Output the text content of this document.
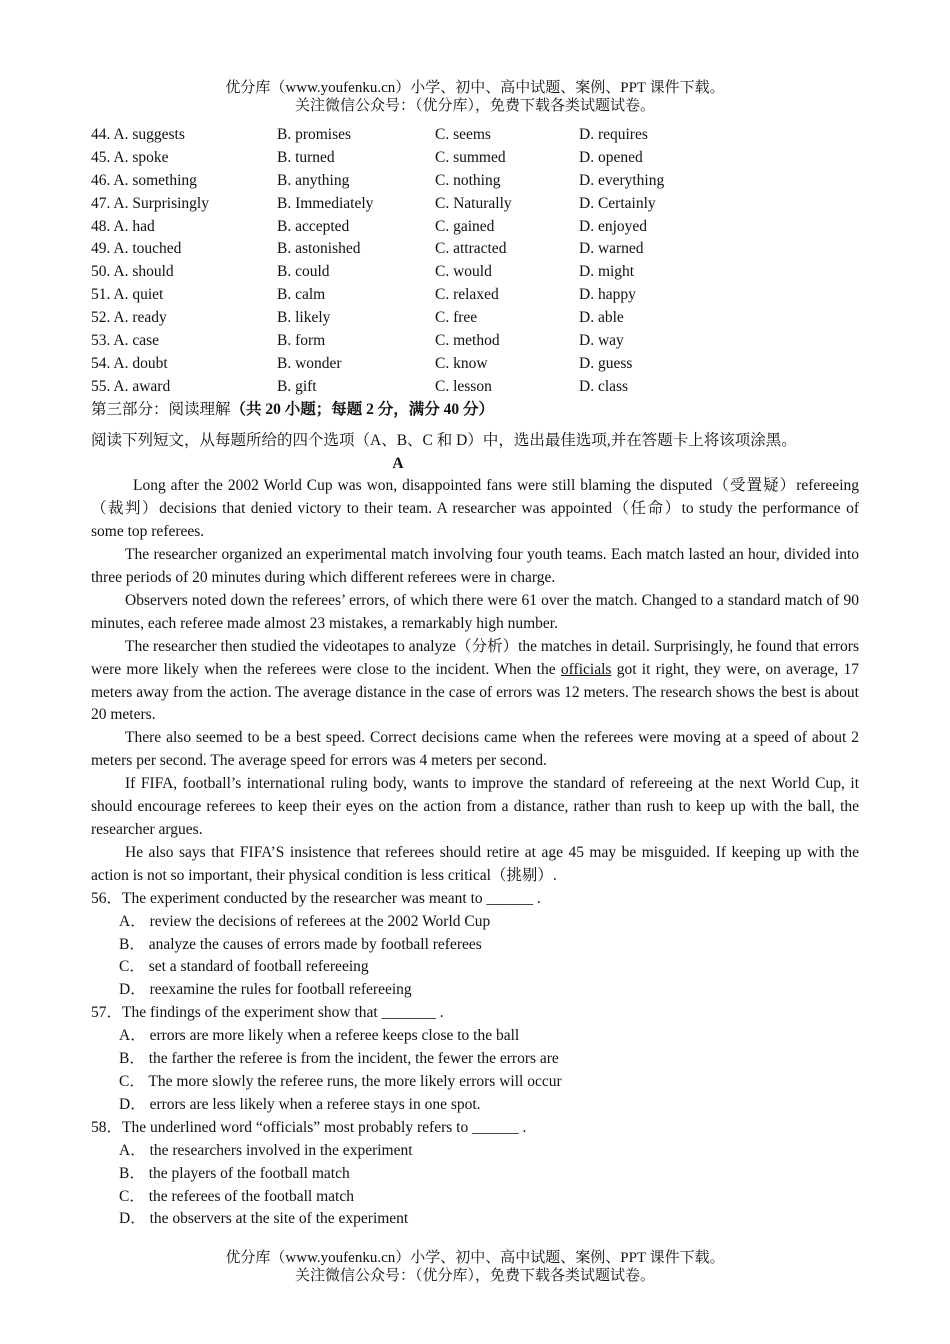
优分库（www.youfenku.cn）小学、初中、高中试题、案例、PPT 课件下载。
关注微信公众号：（优分库），免费下载各类试题试卷。
44. A. suggests	B. promises	C. seems	D. requires
45. A. spoke	B. turned	C. summed	D. opened
46. A. something	B. anything	C. nothing	D. everything
47. A. Surprisingly	B. Immediately	C. Naturally	D. Certainly
48. A. had	B. accepted	C. gained	D. enjoyed
49. A. touched	B. astonished	C. attracted	D. warned
50. A. should	B. could	C. would	D. might
51. A. quiet	B. calm	C. relaxed	D. happy
52. A. ready	B. likely	C. free	D. able
53. A. case	B. form	C. method	D. way
54. A. doubt	B. wonder	C. know	D. guess
55. A. award	B. gift	C. lesson	D. class
第三部分：阅读理解（共 20 小题；每题 2 分，满分 40 分）
阅读下列短文，从每题所给的四个选项（A、B、C 和 D）中，选出最佳选项,并在答题卡上将该项涂黑。
A

Long after the 2002 World Cup was won, disappointed fans were still blaming the disputed（受置疑）refereeing（裁判）decisions that denied victory to their team. A researcher was appointed（任命）to study the performance of some top referees.

The researcher organized an experimental match involving four youth teams. Each match lasted an hour, divided into three periods of 20 minutes during which different referees were in charge.

Observers noted down the referees’ errors, of which there were 61 over the match. Changed to a standard match of 90 minutes, each referee made almost 23 mistakes, a remarkably high number.

The researcher then studied the videotapes to analyze（分析）the matches in detail. Surprisingly, he found that errors were more likely when the referees were close to the incident. When the officials got it right, they were, on average, 17 meters away from the action. The average distance in the case of errors was 12 meters. The research shows the best is about 20 meters.

There also seemed to be a best speed. Correct decisions came when the referees were moving at a speed of about 2 meters per second. The average speed for errors was 4 meters per second.

If FIFA, football’s international ruling body, wants to improve the standard of refereeing at the next World Cup, it should encourage referees to keep their eyes on the action from a distance, rather than rush to keep up with the ball, the researcher argues.

He also says that FIFA’S insistence that referees should retire at age 45 may be misguided. If keeping up with the action is not so important, their physical condition is less critical（挑剔）.

56．The experiment conducted by the researcher was meant to ______ .

A． review the decisions of referees at the 2002 World Cup

B． analyze the causes of errors made by football referees

C． set a standard of football refereeing

D． reexamine the rules for football refereeing

57．The findings of the experiment show that _______ .

A． errors are more likely when a referee keeps close to the ball

B． the farther the referee is from the incident, the fewer the errors are

C． The more slowly the referee runs, the more likely errors will occur

D． errors are less likely when a referee stays in one spot.

58．The underlined word “officials” most probably refers to ______ .

A． the researchers involved in the experiment

B． the players of the football match

C． the referees of the football match

D． the observers at the site of the experiment

优分库（www.youfenku.cn）小学、初中、高中试题、案例、PPT 课件下载。
关注微信公众号：（优分库），免费下载各类试题试卷。
